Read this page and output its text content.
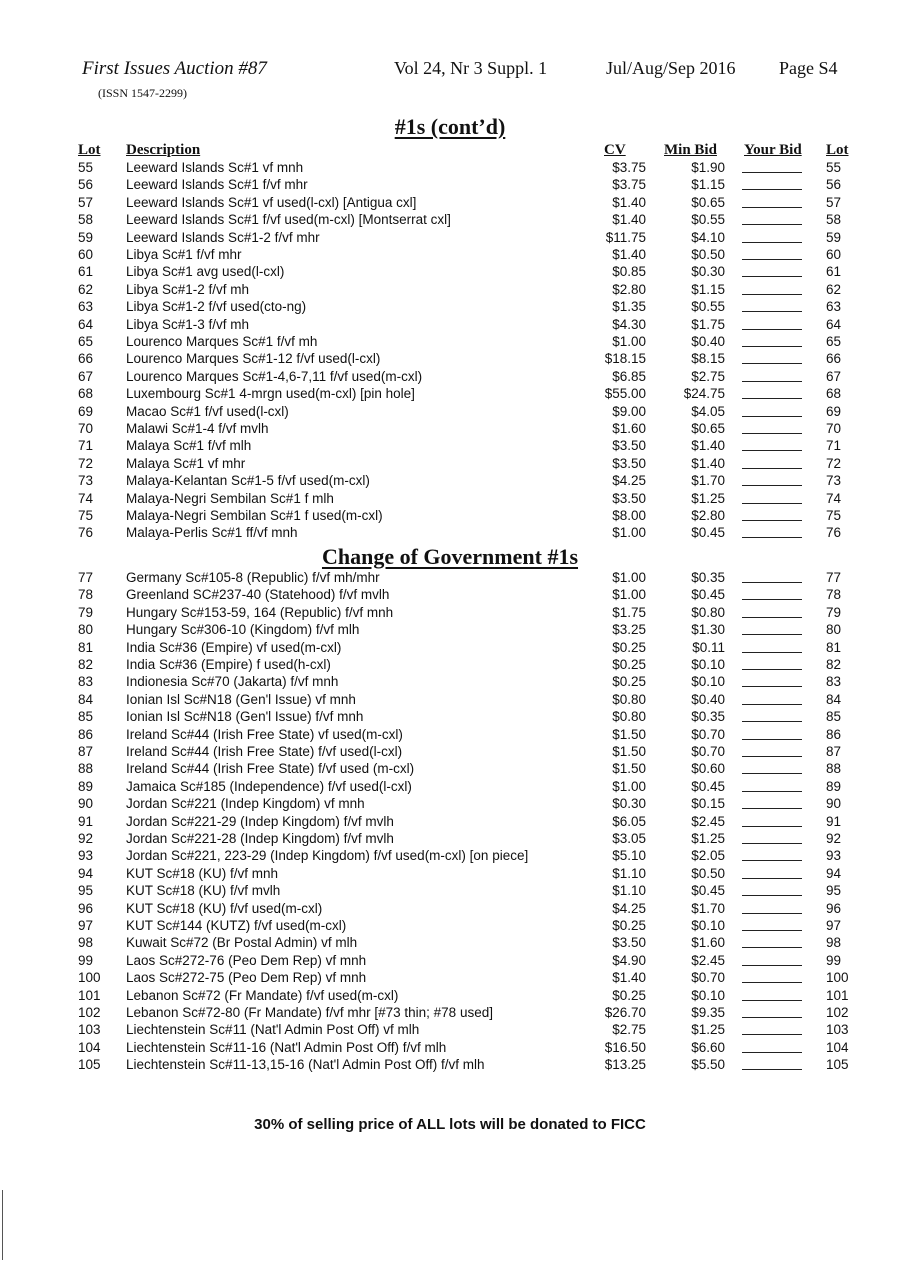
First Issues Auction #87	Vol 24, Nr 3 Suppl. 1	Jul/Aug/Sep 2016 Page S4
(ISSN 1547-2299)
#1s (cont’d)
Lot Description	CV	Min Bid Your Bid Lot
55 Leeward Islands Sc#1 vf mnh	$3.75	$1.90	55
56 Leeward Islands Sc#1 f/vf mhr	$3.75	$1.15	56
57 Leeward Islands Sc#1 vf used(l-cxl) [Antigua cxl]	$1.40	$0.65	57
58 Leeward Islands Sc#1 f/vf used(m-cxl) [Montserrat cxl]	$1.40	$0.55	58
59 Leeward Islands Sc#1-2 f/vf mhr	$11.75	$4.10	59
60 Libya Sc#1 f/vf mhr	$1.40	$0.50	60
61 Libya Sc#1 avg used(l-cxl)	$0.85	$0.30	61
62 Libya Sc#1-2 f/vf mh	$2.80	$1.15	62
63 Libya Sc#1-2 f/vf used(cto-ng)	$1.35	$0.55	63
64 Libya Sc#1-3 f/vf mh	$4.30	$1.75	64
65 Lourenco Marques Sc#1 f/vf mh	$1.00	$0.40	65
66 Lourenco Marques Sc#1-12 f/vf used(l-cxl)	$18.15	$8.15	66
67 Lourenco Marques Sc#1-4,6-7,11 f/vf used(m-cxl)	$6.85	$2.75	67
68 Luxembourg Sc#1 4-mrgn used(m-cxl) [pin hole]	$55.00	$24.75	68
69 Macao Sc#1 f/vf used(l-cxl)	$9.00	$4.05	69
70 Malawi Sc#1-4 f/vf mvlh	$1.60	$0.65	70
71 Malaya Sc#1 f/vf mlh	$3.50	$1.40	71
72 Malaya Sc#1 vf mhr	$3.50	$1.40	72
73 Malaya-Kelantan Sc#1-5 f/vf used(m-cxl)	$4.25	$1.70	73
74 Malaya-Negri Sembilan Sc#1 f mlh	$3.50	$1.25	74
75 Malaya-Negri Sembilan Sc#1 f used(m-cxl)	$8.00	$2.80	75
76 Malaya-Perlis Sc#1 ff/vf mnh	$1.00	$0.45	76
Change of Government #1s
77 Germany Sc#105-8 (Republic) f/vf mh/mhr	$1.00	$0.35	77
78 Greenland SC#237-40 (Statehood) f/vf mvlh	$1.00	$0.45	78
79 Hungary Sc#153-59, 164 (Republic) f/vf mnh	$1.75	$0.80	79
80 Hungary Sc#306-10 (Kingdom) f/vf mlh	$3.25	$1.30	80
81 India Sc#36 (Empire) vf used(m-cxl)	$0.25	$0.11	81
82 India Sc#36 (Empire) f used(h-cxl)	$0.25	$0.10	82
83 Indionesia Sc#70 (Jakarta) f/vf mnh	$0.25	$0.10	83
84 Ionian Isl Sc#N18 (Gen'l Issue) vf mnh	$0.80	$0.40	84
85 Ionian Isl Sc#N18 (Gen'l Issue) f/vf mnh	$0.80	$0.35	85
86 Ireland Sc#44 (Irish Free State) vf used(m-cxl)	$1.50	$0.70	86
87 Ireland Sc#44 (Irish Free State) f/vf used(l-cxl)	$1.50	$0.70	87
88 Ireland Sc#44 (Irish Free State) f/vf used (m-cxl)	$1.50	$0.60	88
89 Jamaica Sc#185 (Independence) f/vf used(l-cxl)	$1.00	$0.45	89
90 Jordan Sc#221 (Indep Kingdom) vf mnh	$0.30	$0.15	90
91 Jordan Sc#221-29 (Indep Kingdom) f/vf mvlh	$6.05	$2.45	91
92 Jordan Sc#221-28 (Indep Kingdom) f/vf mvlh	$3.05	$1.25	92
93 Jordan Sc#221, 223-29 (Indep Kingdom) f/vf used(m-cxl) [on piece]	$5.10	$2.05	93
94 KUT Sc#18 (KU) f/vf mnh	$1.10	$0.50	94
95 KUT Sc#18 (KU) f/vf mvlh	$1.10	$0.45	95
96 KUT Sc#18 (KU) f/vf used(m-cxl)	$4.25	$1.70	96
97 KUT Sc#144 (KUTZ) f/vf used(m-cxl)	$0.25	$0.10	97
98 Kuwait Sc#72 (Br Postal Admin) vf mlh	$3.50	$1.60	98
99 Laos Sc#272-76 (Peo Dem Rep) vf mnh	$4.90	$2.45	99
100 Laos Sc#272-75 (Peo Dem Rep) vf mnh	$1.40	$0.70	100
101 Lebanon Sc#72 (Fr Mandate) f/vf used(m-cxl)	$0.25	$0.10	101
102 Lebanon Sc#72-80 (Fr Mandate) f/vf mhr [#73 thin; #78 used]	$26.70	$9.35	102
103 Liechtenstein Sc#11 (Nat'l Admin Post Off) vf mlh	$2.75	$1.25	103
104 Liechtenstein Sc#11-16 (Nat'l Admin Post Off) f/vf mlh	$16.50	$6.60	104
105 Liechtenstein Sc#11-13,15-16 (Nat'l Admin Post Off) f/vf mlh	$13.25	$5.50	105
30% of selling price of ALL lots will be donated to FICC
